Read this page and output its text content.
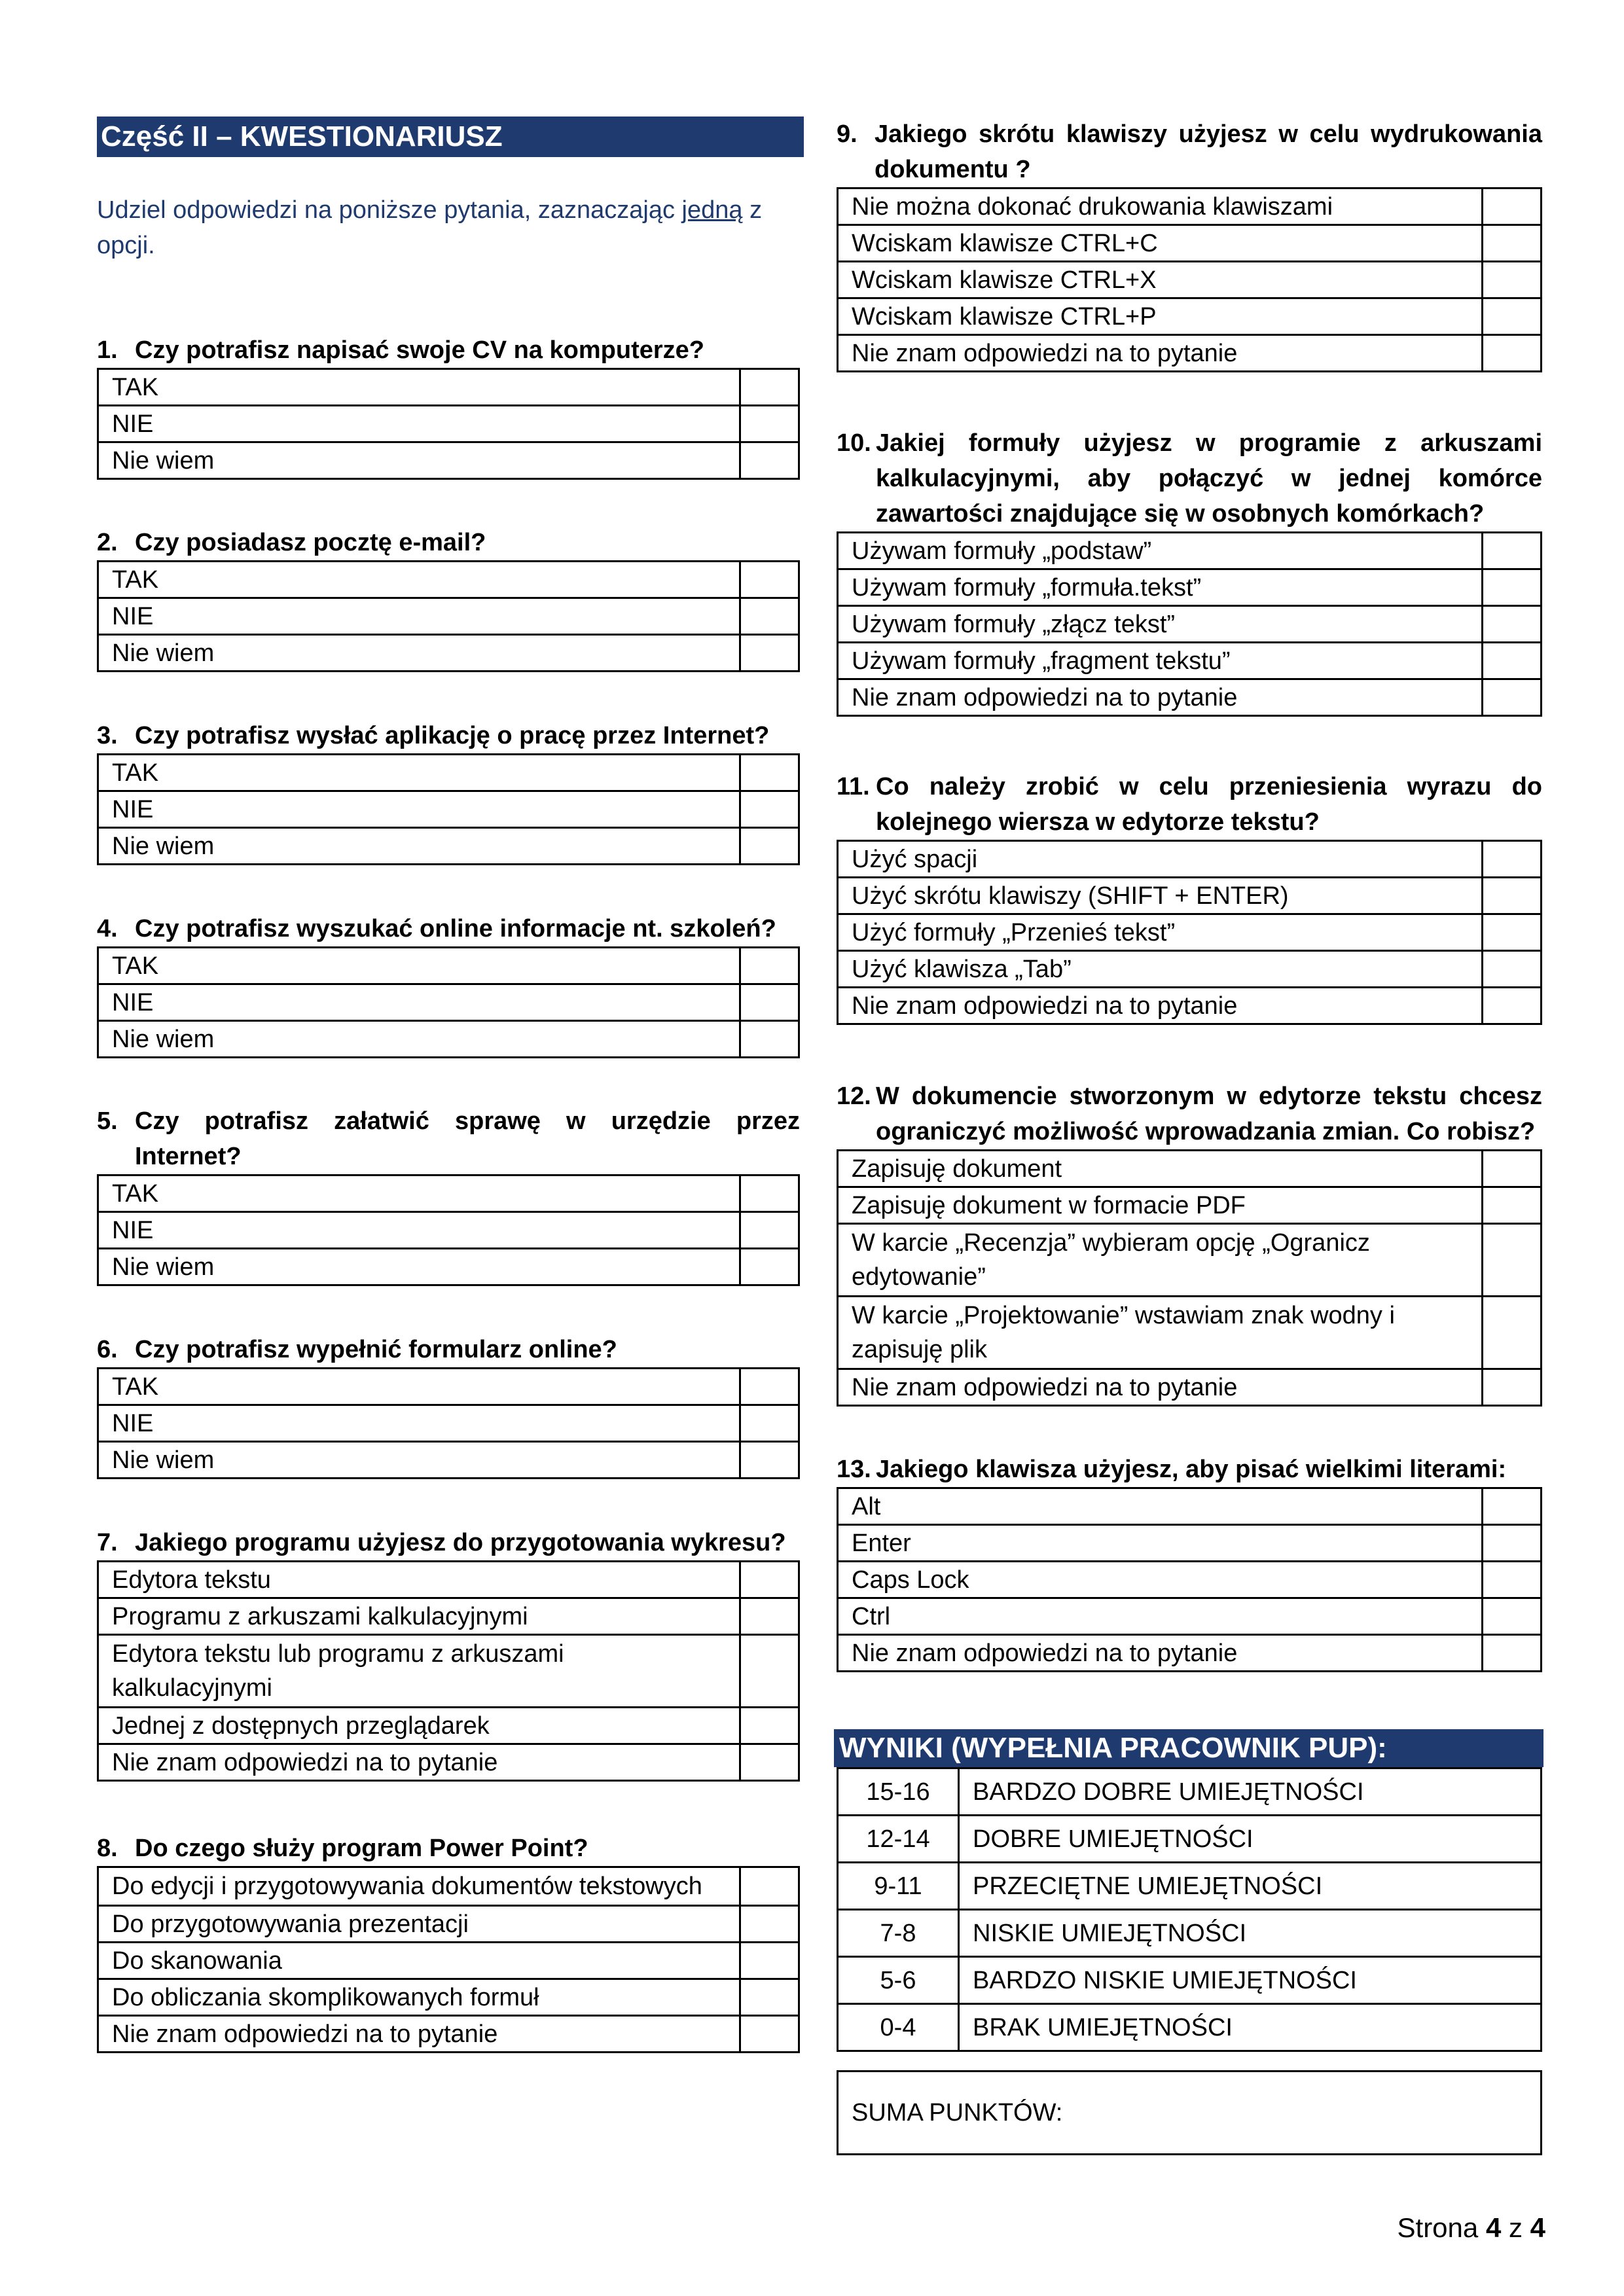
Część II – KWESTIONARIUSZ
Udziel odpowiedzi na poniższe pytania, zaznaczając jedną z opcji.
1. Czy potrafisz napisać swoje CV na komputerze?
TAK	
NIE	
Nie wiem	
2. Czy posiadasz pocztę e-mail?
TAK	
NIE	
Nie wiem	
3. Czy potrafisz wysłać aplikację o pracę przez Internet?
TAK	
NIE	
Nie wiem	
4. Czy potrafisz wyszukać online informacje nt. szkoleń?
TAK	
NIE	
Nie wiem	
5. Czy potrafisz załatwić sprawę w urzędzie przez Internet?
TAK	
NIE	
Nie wiem	
6. Czy potrafisz wypełnić formularz online?
TAK	
NIE	
Nie wiem	
7. Jakiego programu użyjesz do przygotowania wykresu?
Edytora tekstu	
Programu z arkuszami kalkulacyjnymi	
Edytora tekstu lub programu z arkuszami kalkulacyjnymi	
Jednej z dostępnych przeglądarek	
Nie znam odpowiedzi na to pytanie	
8. Do czego służy program Power Point?
Do edycji i przygotowywania dokumentów tekstowych	
Do przygotowywania prezentacji	
Do skanowania	
Do obliczania skomplikowanych formuł	
Nie znam odpowiedzi na to pytanie	
9. Jakiego skrótu klawiszy użyjesz w celu wydrukowania dokumentu ?
Nie można dokonać drukowania klawiszami	
Wciskam klawisze CTRL+C	
Wciskam klawisze CTRL+X	
Wciskam klawisze CTRL+P	
Nie znam odpowiedzi na to pytanie	
10. Jakiej formuły użyjesz w programie z arkuszami kalkulacyjnymi, aby połączyć w jednej komórce zawartości znajdujące się w osobnych komórkach?
Używam formuły „podstaw”	
Używam formuły „formuła.tekst”	
Używam formuły „złącz tekst”	
Używam formuły „fragment tekstu”	
Nie znam odpowiedzi na to pytanie	
11. Co należy zrobić w celu przeniesienia wyrazu do kolejnego wiersza w edytorze tekstu?
Użyć spacji	
Użyć skrótu klawiszy (SHIFT + ENTER)	
Użyć formuły „Przenieś tekst”	
Użyć klawisza „Tab”	
Nie znam odpowiedzi na to pytanie	
12. W dokumencie stworzonym w edytorze tekstu chcesz ograniczyć możliwość wprowadzania zmian. Co robisz?
Zapisuję dokument	
Zapisuję dokument w formacie PDF	
W karcie „Recenzja” wybieram opcję „Ogranicz edytowanie”	
W karcie „Projektowanie” wstawiam znak wodny i zapisuję plik	
Nie znam odpowiedzi na to pytanie	
13. Jakiego klawisza użyjesz, aby pisać wielkimi literami:
Alt	
Enter	
Caps Lock	
Ctrl	
Nie znam odpowiedzi na to pytanie	
WYNIKI (WYPEŁNIA PRACOWNIK PUP):
15-16	BARDZO DOBRE UMIEJĘTNOŚCI
12-14	DOBRE UMIEJĘTNOŚCI
9-11	PRZECIĘTNE UMIEJĘTNOŚCI
7-8	NISKIE UMIEJĘTNOŚCI
5-6	BARDZO NISKIE UMIEJĘTNOŚCI
0-4	BRAK UMIEJĘTNOŚCI
SUMA PUNKTÓW:
Strona 4 z 4
